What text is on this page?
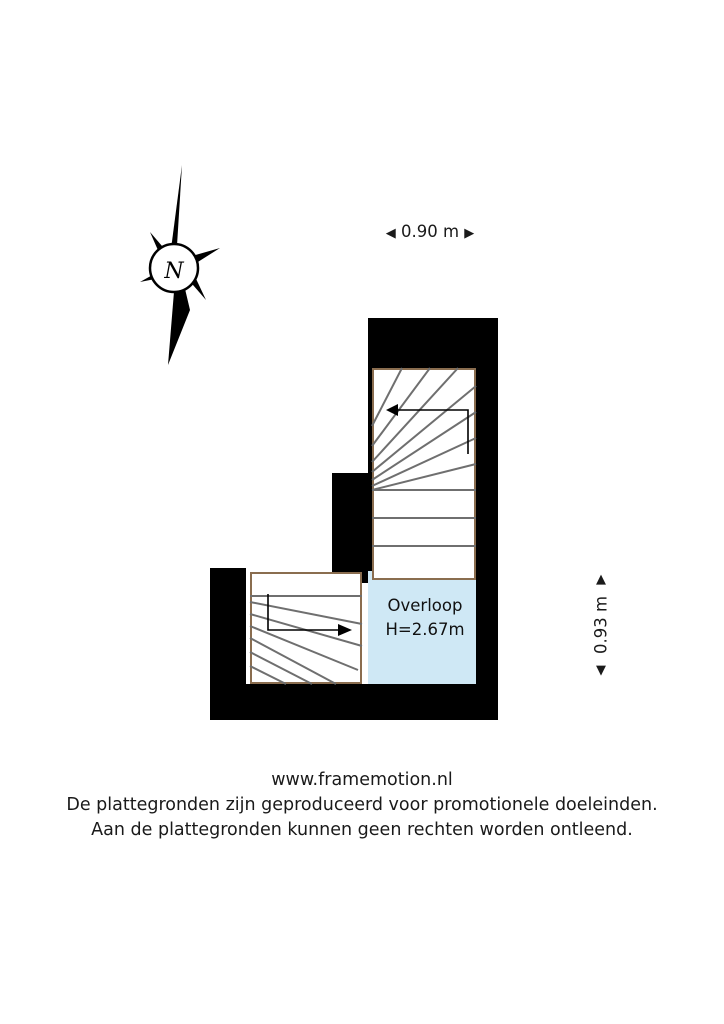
◀ 0.90 m ▶
▲
0.93 m
▼
N
Overloop
H=2.67m
www.framemotion.nl
De plattegronden zijn geproduceerd voor promotionele doeleinden.
Aan de plattegronden kunnen geen rechten worden ontleend.
